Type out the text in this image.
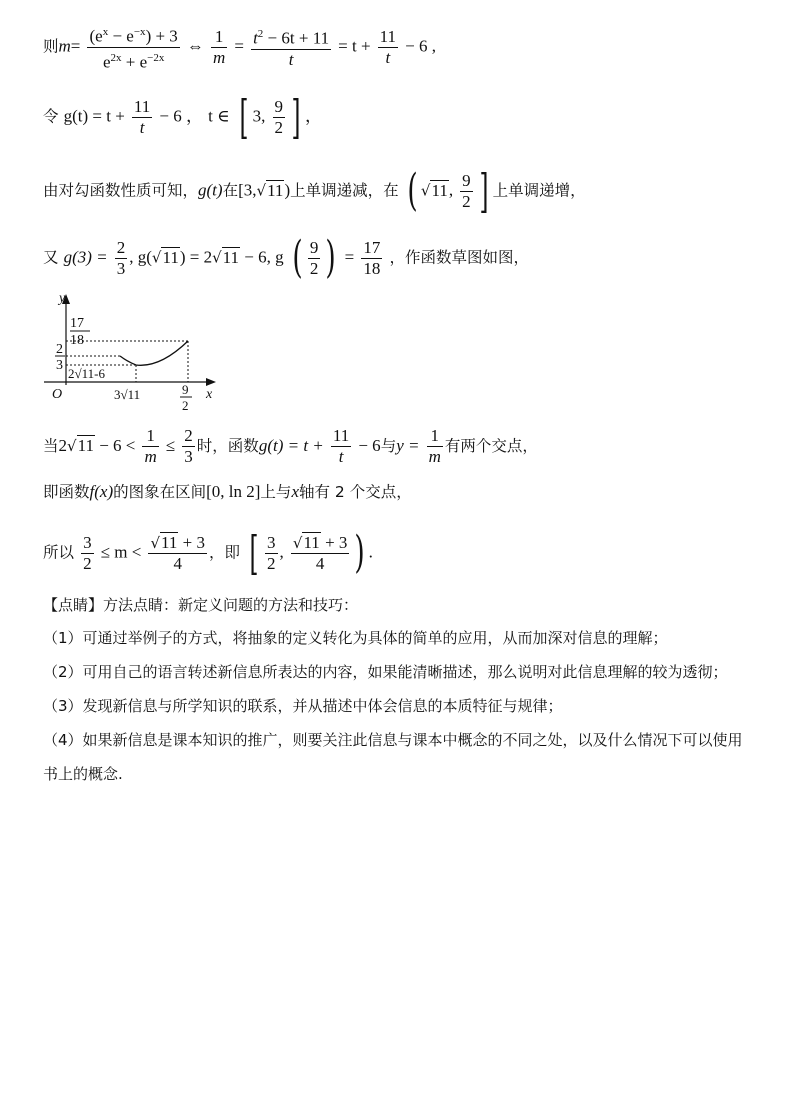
则$m= \frac{(e^x - e^{-x}) + 3}{e^{2x} + e^{-2x}}$ ⇔ $\frac{1}{m} = \frac{t^2 - 6t + 11}{t} = t + \frac{11}{t} - 6$ ,
令 $g(t) = t + \frac{11}{t} - 6$ ， t ∈ [ 3, $\frac{9}{2}$ ] ，
由对勾函数性质可知，g(t)在[3,√11)上单调递减，在 ( √11, $\frac{9}{2}$ ] 上单调递增，
又 $g(3) = \frac{2}{3}$ , g(√11) = 2√11 − 6, g ( $\frac{9}{2}$ ) = $\frac{17}{18}$ ，作函数草图如图，
y
x
O
17
18
2
3
2√11-6
3√11	9
2
当$2√11 - 6 < \frac{1}{m} \le \frac{2}{3}$ 时，函数$g(t) = t + \frac{11}{t} - 6$与$y = \frac{1}{m}$ 有两个交点，
即函数f(x)的图象在区间[0, ln 2]上与x轴有 2 个交点，
所以 $\frac{3}{2} \le m < \frac{√11 + 3}{4}$ ，即 [ $\frac{3}{2}$ , $\frac{√11 + 3}{4}$ ) .
【点睛】方法点睛：新定义问题的方法和技巧：
（1）可通过举例子的方式，将抽象的定义转化为具体的简单的应用，从而加深对信息的理解；
（2）可用自己的语言转述新信息所表达的内容，如果能清晰描述，那么说明对此信息理解的较为透彻；
（3）发现新信息与所学知识的联系，并从描述中体会信息的本质特征与规律；
（4）如果新信息是课本知识的推广，则要关注此信息与课本中概念的不同之处，以及什么情况下可以使用
书上的概念.
